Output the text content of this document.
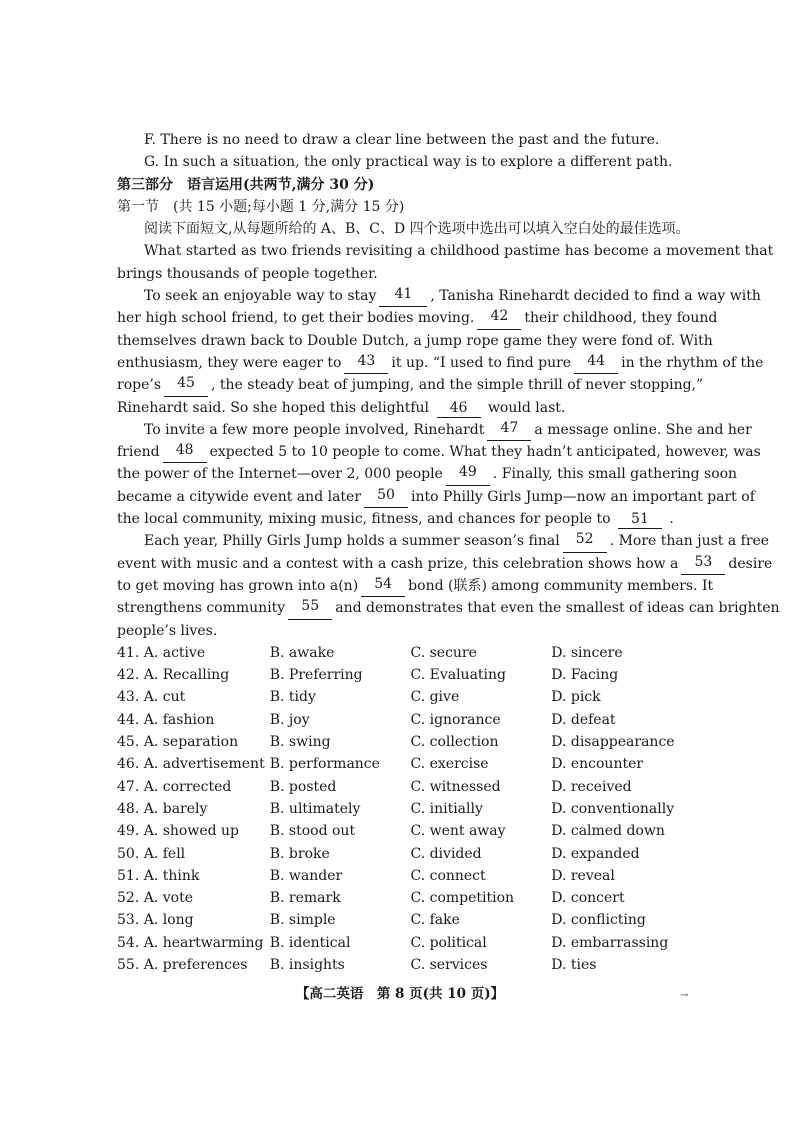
F. There is no need to draw a clear line between the past and the future.
G. In such a situation, the only practical way is to explore a different path.
第三部分　语言运用(共两节,满分 30 分)
第一节　(共 15 小题;每小题 1 分,满分 15 分)
阅读下面短文,从每题所给的 A、B、C、D 四个选项中选出可以填入空白处的最佳选项。
What started as two friends revisiting a childhood pastime has become a movement that
brings thousands of people together.
To seek an enjoyable way to stay	41	, Tanisha Rinehardt decided to find a way with
her high school friend, to get their bodies moving.	42	their childhood, they found
themselves drawn back to Double Dutch, a jump rope game they were fond of. With
enthusiasm, they were eager to	43	it up. “I used to find pure	44	in the rhythm of the
rope’s	45	, the steady beat of jumping, and the simple thrill of never stopping,”
Rinehardt said. So she hoped this delightful 46 would last.
To invite a few more people involved, Rinehardt	47	a message online. She and her
friend	48	expected 5 to 10 people to come. What they hadn’t anticipated, however, was
the power of the Internet—over 2, 000 people	49	. Finally, this small gathering soon
became a citywide event and later	50	into Philly Girls Jump—now an important part of
the local community, mixing music, fitness, and chances for people to 51 .
Each year, Philly Girls Jump holds a summer season’s final	52	. More than just a free
event with music and a contest with a cash prize, this celebration shows how a	53	desire
to get moving has grown into a(n)	54	bond (联系) among community members. It
strengthens community	55	and demonstrates that even the smallest of ideas can brighten
people’s lives.
41. A. active	B. awake	C. secure	D. sincere
42. A. Recalling	B. Preferring	C. Evaluating	D. Facing
43. A. cut	B. tidy	C. give	D. pick
44. A. fashion	B. joy	C. ignorance	D. defeat
45. A. separation	B. swing	C. collection	D. disappearance
46. A. advertisement B. performance	C. exercise	D. encounter
47. A. corrected	B. posted	C. witnessed	D. received
48. A. barely	B. ultimately	C. initially	D. conventionally
49. A. showed up	B. stood out	C. went away	D. calmed down
50. A. fell	B. broke	C. divided	D. expanded
51. A. think	B. wander	C. connect	D. reveal
52. A. vote	B. remark	C. competition	D. concert
53. A. long	B. simple	C. fake	D. conflicting
54. A. heartwarming B. identical	C. political	D. embarrassing
55. A. preferences	B. insights	C. services	D. ties
【高二英语　第 8 页(共 10 页)】	→
